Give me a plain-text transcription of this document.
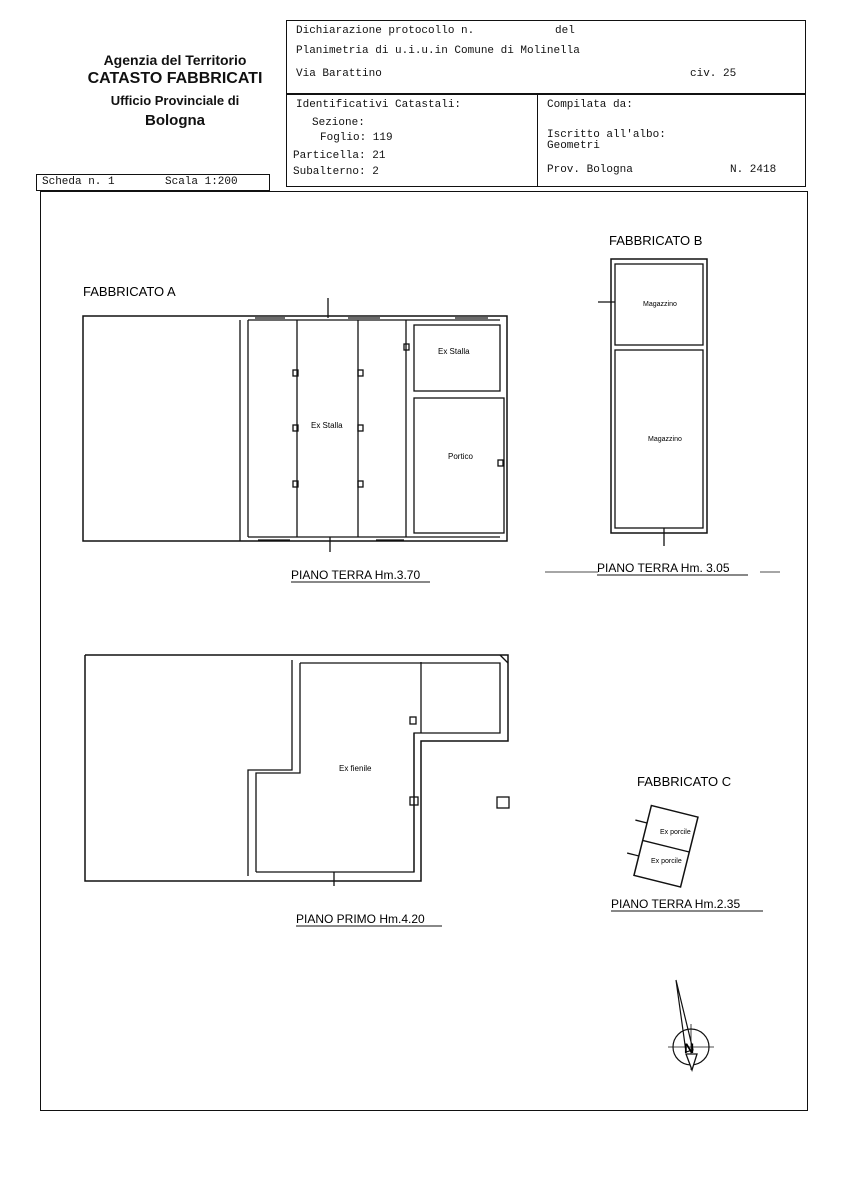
Agenzia del Territorio
CATASTO FABBRICATI
Ufficio Provinciale di
Bologna
Dichiarazione protocollo n.	del
Planimetria di u.i.u.in Comune di Molinella
Via Barattino	civ. 25
Identificativi Catastali:
Sezione:
Foglio: 119
Particella: 21
Subalterno: 2
Compilata da:
Iscritto all'albo:
Geometri
Prov. Bologna	N. 2418
Scheda n. 1	Scala 1:200
FABBRICATO A
FABBRICATO B
FABBRICATO C
Ex Stalla
Ex Stalla
Portico
Magazzino
Magazzino
Ex fienile
Ex porcile
Ex porcile
PIANO TERRA Hm.3.70	PIANO TERRA Hm. 3.05
PIANO PRIMO Hm.4.20
PIANO TERRA Hm.2.35
N
